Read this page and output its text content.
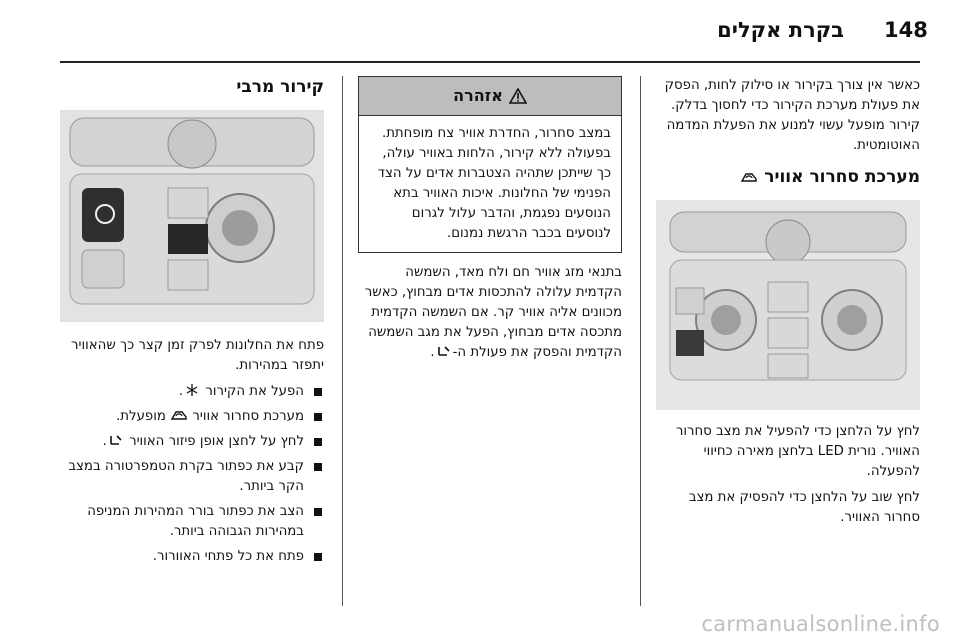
148
בקרת אקלים

כאשר אין צורך בקירור או סילוק לחות, הפסק את פעולת מערכת הקירור כדי לחסוך בדלק. קירור מופעל עשוי למנוע את הפעלת המדמה האוטומטית.

מערכת סחרור אוויר

לחץ על הלחצן כדי להפעיל את מצב סחרור האוויר. נורית LED בלחצן מאירה כחיווי להפעלה.

לחץ שוב על הלחצן כדי להפסיק את מצב סחרור האוויר.

אזהרה
במצב סחרור, החדרת אוויר צח מופחתת. בפעולה ללא קירור, הלחות באוויר עולה, כך שייתכן שתהיה הצטברות אדים על הצד הפנימי של החלונות. איכות האוויר בתא הנוסעים נפגמת, והדבר עלול לגרום לנוסעים בכבר הרגשת נמנום.

בתנאי מזג אוויר חם ולח מאד, השמשה הקדמית עלולה להתכסות אדים מבחוץ, כאשר מכוונים אליה אוויר קר. אם השמשה הקדמית מתכסה אדים מבחוץ, הפעל את מגב השמשה הקדמית והפסק את פעולת ה-.

קירור מרבי

פתח את החלונות לפרק זמן קצר כך שהאוויר יתפזר במהירות.

הפעל את הקירור .
מערכת סחרור אוויר  מופעלת.
לחץ על לחצן אופן פיזור האוויר .
קבע את כפתור בקרת הטמפרטורה במצב הקר ביותר.
הצב את כפתור בורר המהירות המניפה במהירות הגבוהה ביותר.
פתח את כל פתחי האוורור.
carmanualsonline.info
